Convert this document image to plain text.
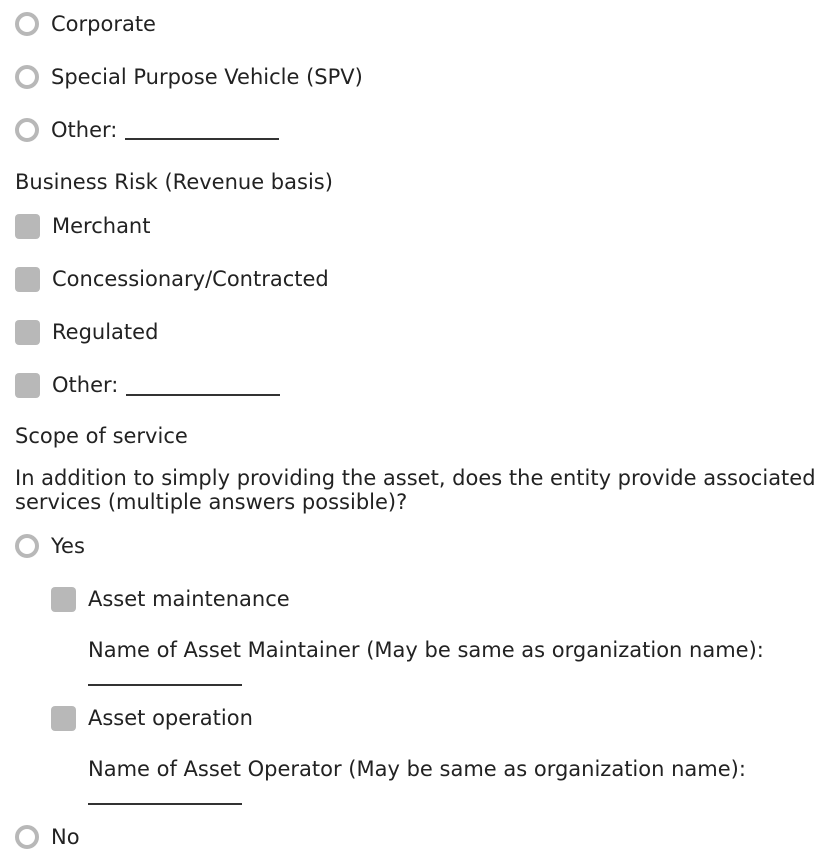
Corporate
Special Purpose Vehicle (SPV)
Other:
Business Risk (Revenue basis)
Merchant
Concessionary/Contracted
Regulated
Other:
Scope of service
In addition to simply providing the asset, does the entity provide associated services (multiple answers possible)?
Yes
Asset maintenance
Name of Asset Maintainer (May be same as organization name):
Asset operation
Name of Asset Operator (May be same as organization name):
No
